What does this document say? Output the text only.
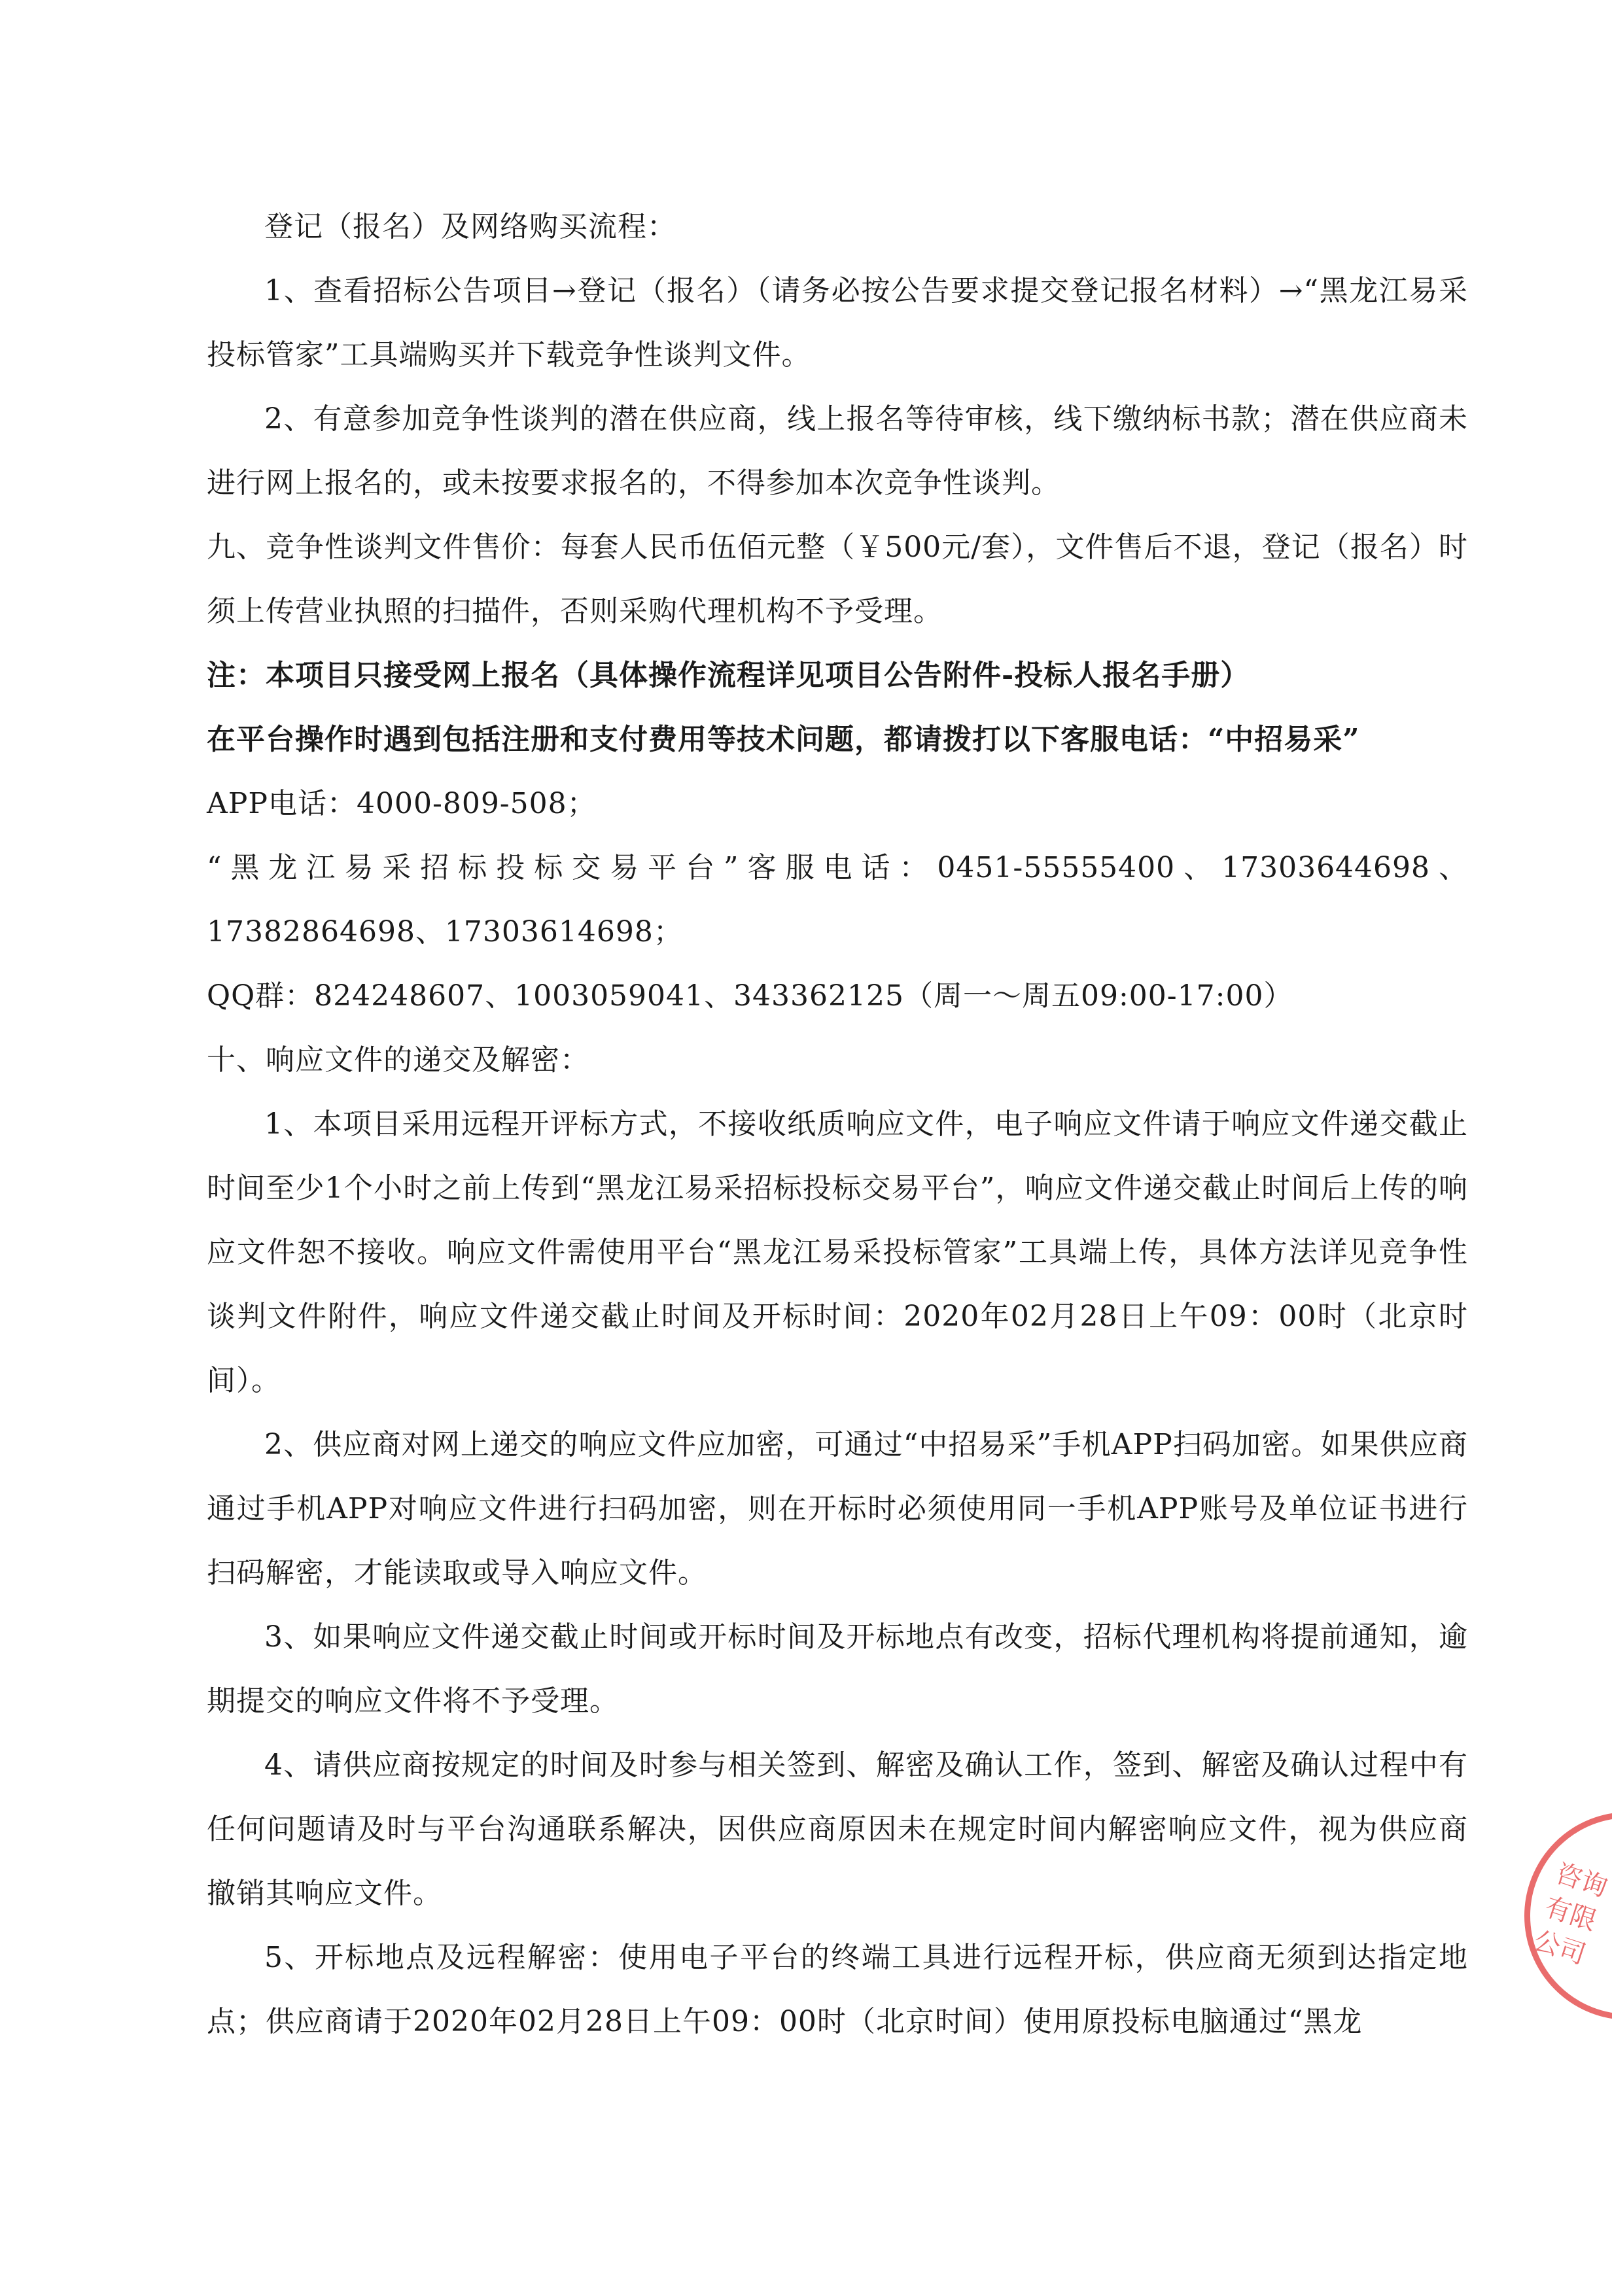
登记（报名）及网络购买流程：

1、查看招标公告项目→登记（报名）（请务必按公告要求提交登记报名材料）→“黑龙江易采投标管家”工具端购买并下载竞争性谈判文件。

2、有意参加竞争性谈判的潜在供应商，线上报名等待审核，线下缴纳标书款；潜在供应商未进行网上报名的，或未按要求报名的，不得参加本次竞争性谈判。

九、竞争性谈判文件售价：每套人民币伍佰元整（￥500元/套），文件售后不退，登记（报名）时须上传营业执照的扫描件，否则采购代理机构不予受理。

注：本项目只接受网上报名（具体操作流程详见项目公告附件-投标人报名手册）

在平台操作时遇到包括注册和支付费用等技术问题，都请拨打以下客服电话：“中招易采”

APP电话：4000-809-508；

“黑龙江易采招标投标交易平台”客服电话：0451-55555400、17303644698、17382864698、17303614698；

QQ群：824248607、1003059041、343362125（周一～周五09:00-17:00）

十、响应文件的递交及解密：

1、本项目采用远程开评标方式，不接收纸质响应文件，电子响应文件请于响应文件递交截止时间至少1个小时之前上传到“黑龙江易采招标投标交易平台”，响应文件递交截止时间后上传的响应文件恕不接收。响应文件需使用平台“黑龙江易采投标管家”工具端上传，具体方法详见竞争性谈判文件附件，响应文件递交截止时间及开标时间：2020年02月28日上午09：00时（北京时间）。

2、供应商对网上递交的响应文件应加密，可通过“中招易采”手机APP扫码加密。如果供应商通过手机APP对响应文件进行扫码加密，则在开标时必须使用同一手机APP账号及单位证书进行扫码解密，才能读取或导入响应文件。

3、如果响应文件递交截止时间或开标时间及开标地点有改变，招标代理机构将提前通知，逾期提交的响应文件将不予受理。

4、请供应商按规定的时间及时参与相关签到、解密及确认工作，签到、解密及确认过程中有任何问题请及时与平台沟通联系解决，因供应商原因未在规定时间内解密响应文件，视为供应商撤销其响应文件。

5、开标地点及远程解密：使用电子平台的终端工具进行远程开标，供应商无须到达指定地点；供应商请于2020年02月28日上午09：00时（北京时间）使用原投标电脑通过“黑龙

咨询有限公司
